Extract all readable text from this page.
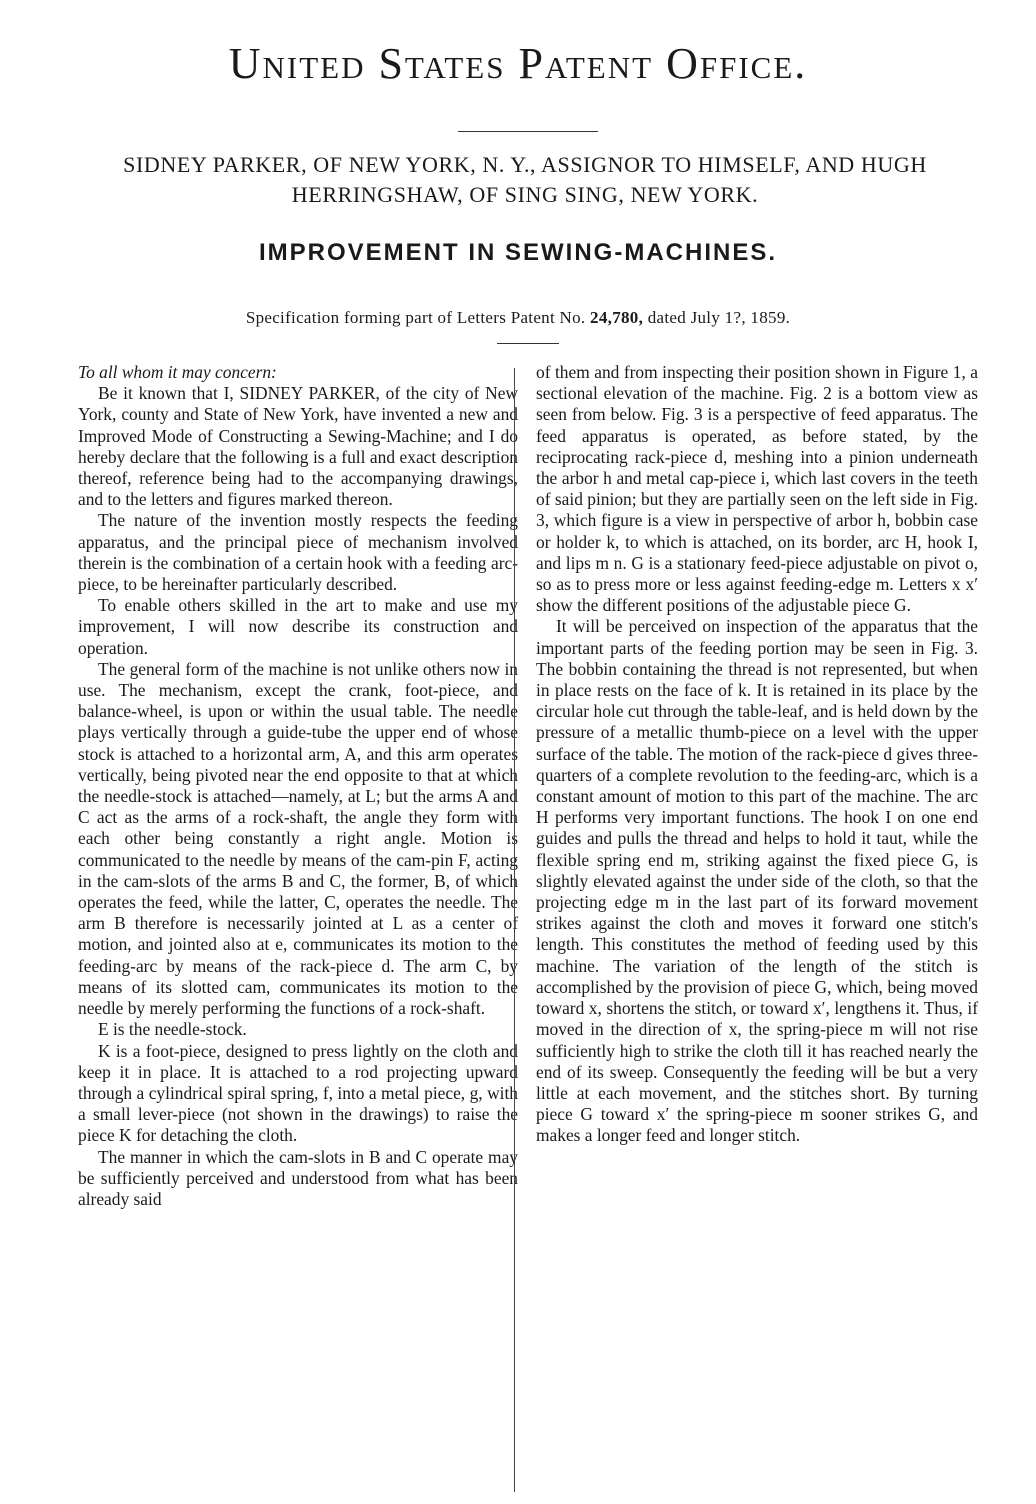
United States Patent Office.
SIDNEY PARKER, OF NEW YORK, N. Y., ASSIGNOR TO HIMSELF, AND HUGH
HERRINGSHAW, OF SING SING, NEW YORK.
IMPROVEMENT IN SEWING-MACHINES.
Specification forming part of Letters Patent No. 24,780, dated July 1?, 1859.

To all whom it may concern:

Be it known that I, SIDNEY PARKER, of the city of New York, county and State of New York, have invented a new and Improved Mode of Constructing a Sewing-Machine; and I do hereby declare that the following is a full and exact description thereof, reference being had to the accompanying drawings, and to the letters and figures marked thereon.

The nature of the invention mostly respects the feeding apparatus, and the principal piece of mechanism involved therein is the combination of a certain hook with a feeding arc-piece, to be hereinafter particularly described.

To enable others skilled in the art to make and use my improvement, I will now describe its construction and operation.

The general form of the machine is not unlike others now in use. The mechanism, except the crank, foot-piece, and balance-wheel, is upon or within the usual table. The needle plays vertically through a guide-tube the upper end of whose stock is attached to a horizontal arm, A, and this arm operates vertically, being pivoted near the end opposite to that at which the needle-stock is attached—namely, at L; but the arms A and C act as the arms of a rock-shaft, the angle they form with each other being constantly a right angle. Motion is communicated to the needle by means of the cam-pin F, acting in the cam-slots of the arms B and C, the former, B, of which operates the feed, while the latter, C, operates the needle. The arm B therefore is necessarily jointed at L as a center of motion, and jointed also at e, communicates its motion to the feeding-arc by means of the rack-piece d. The arm C, by means of its slotted cam, communicates its motion to the needle by merely performing the functions of a rock-shaft.

E is the needle-stock.

K is a foot-piece, designed to press lightly on the cloth and keep it in place. It is attached to a rod projecting upward through a cylindrical spiral spring, f, into a metal piece, g, with a small lever-piece (not shown in the drawings) to raise the piece K for detaching the cloth.

The manner in which the cam-slots in B and C operate may be sufficiently perceived and understood from what has been already said

of them and from inspecting their position shown in Figure 1, a sectional elevation of the machine. Fig. 2 is a bottom view as seen from below. Fig. 3 is a perspective of feed apparatus. The feed apparatus is operated, as before stated, by the reciprocating rack-piece d, meshing into a pinion underneath the arbor h and metal cap-piece i, which last covers in the teeth of said pinion; but they are partially seen on the left side in Fig. 3, which figure is a view in perspective of arbor h, bobbin case or holder k, to which is attached, on its border, arc H, hook I, and lips m n. G is a stationary feed-piece adjustable on pivot o, so as to press more or less against feeding-edge m. Letters x x′ show the different positions of the adjustable piece G.

It will be perceived on inspection of the apparatus that the important parts of the feeding portion may be seen in Fig. 3. The bobbin containing the thread is not represented, but when in place rests on the face of k. It is retained in its place by the circular hole cut through the table-leaf, and is held down by the pressure of a metallic thumb-piece on a level with the upper surface of the table. The motion of the rack-piece d gives three-quarters of a complete revolution to the feeding-arc, which is a constant amount of motion to this part of the machine. The arc H performs very important functions. The hook I on one end guides and pulls the thread and helps to hold it taut, while the flexible spring end m, striking against the fixed piece G, is slightly elevated against the under side of the cloth, so that the projecting edge m in the last part of its forward movement strikes against the cloth and moves it forward one stitch's length. This constitutes the method of feeding used by this machine. The variation of the length of the stitch is accomplished by the provision of piece G, which, being moved toward x, shortens the stitch, or toward x′, lengthens it. Thus, if moved in the direction of x, the spring-piece m will not rise sufficiently high to strike the cloth till it has reached nearly the end of its sweep. Consequently the feeding will be but a very little at each movement, and the stitches short. By turning piece G toward x′ the spring-piece m sooner strikes G, and makes a longer feed and longer stitch.
